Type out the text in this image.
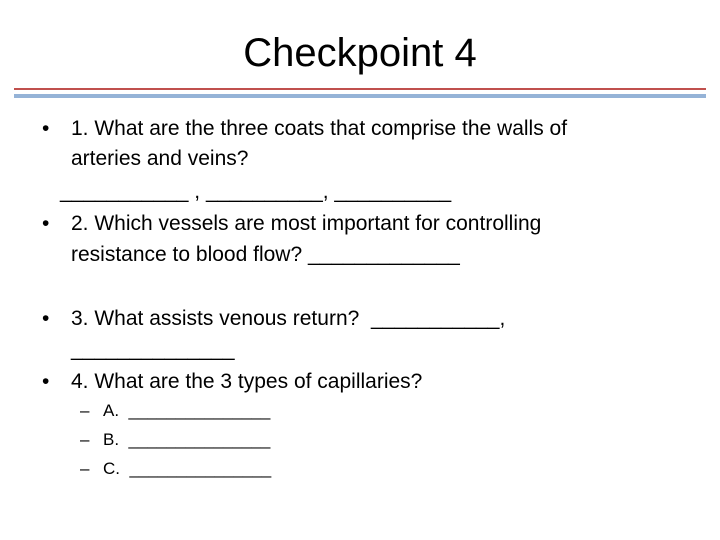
Checkpoint 4
• 1. What are the three coats that comprise the walls of
arteries and veins?
___________ , __________, __________
• 2. Which vessels are most important for controlling
resistance to blood flow? _____________
• 3. What assists venous return?  ___________,
______________
• 4. What are the 3 types of capillaries?
– A.  _______________
– B.  _______________
– C.  _______________
